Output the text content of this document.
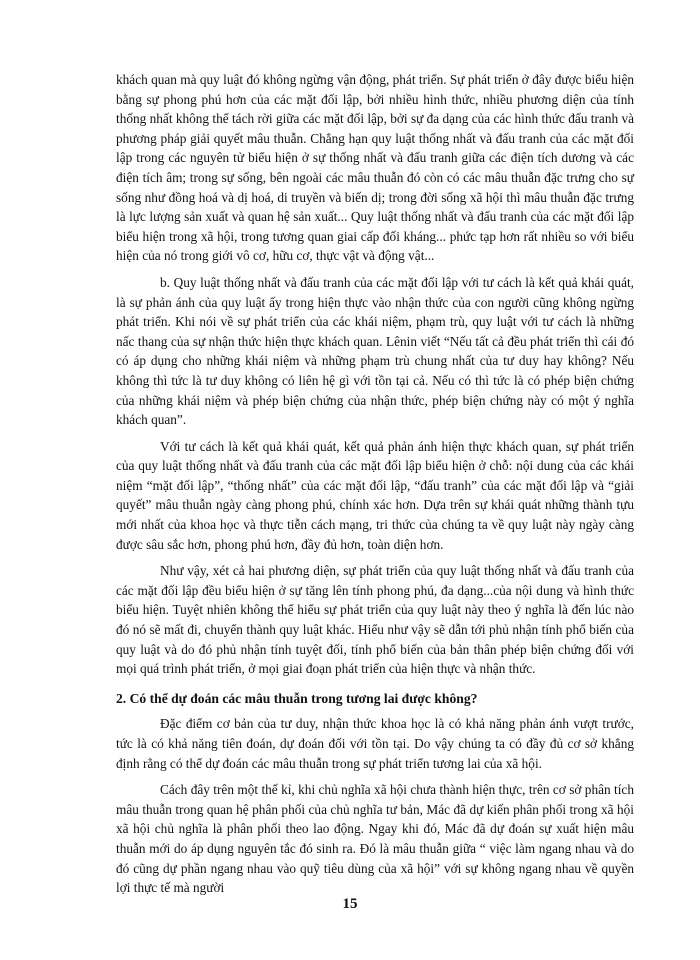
khách quan mà quy luật đó không ngừng vận động, phát triển. Sự phát triển ở đây được biểu hiện bằng sự phong phú hơn của các mặt đối lập, bởi nhiều hình thức, nhiều phương diện của tính thống nhất không thể tách rời giữa các mặt đối lập, bởi sự đa dạng của các hình thức đấu tranh và phương pháp giải quyết mâu thuẫn. Chẳng hạn quy luật thống nhất và đấu tranh của các mặt đối lập trong các nguyên tử biểu hiện ở sự thống nhất và đấu tranh giữa các điện tích dương và các điện tích âm; trong sự sống, bên ngoài các mâu thuẫn đó còn có các mâu thuẫn đặc trưng cho sự sống như đồng hoá và dị hoá, di truyền và biến dị; trong đời sống xã hội thì mâu thuẫn đặc trưng là lực lượng sản xuất và quan hệ sản xuất... Quy luật thống nhất và đấu tranh của các mặt đối lập biểu hiện trong xã hội, trong tương quan giai cấp đối kháng... phức tạp hơn rất nhiều so với biểu hiện của nó trong giới vô cơ, hữu cơ, thực vật và động vật...

b. Quy luật thống nhất và đấu tranh của các mặt đối lập với tư cách là kết quả khái quát, là sự phản ánh của quy luật ấy trong hiện thực vào nhận thức của con người cũng không ngừng phát triển. Khi nói về sự phát triển của các khái niệm, phạm trù, quy luật với tư cách là những nấc thang của sự nhận thức hiện thực khách quan. Lênin viết “Nếu tất cả đều phát triển thì cái đó có áp dụng cho những khái niệm và những phạm trù chung nhất của tư duy hay không? Nếu không thì tức là tư duy không có liên hệ gì với tồn tại cả. Nếu có thì tức là có phép biện chứng của những khái niệm và phép biện chứng của nhận thức, phép biện chứng này có một ý nghĩa khách quan”.

Với tư cách là kết quả khái quát, kết quả phản ánh hiện thực khách quan, sự phát triển của quy luật thống nhất và đấu tranh của các mặt đối lập biểu hiện ở chỗ: nội dung của các khái niệm “mặt đối lập”, “thống nhất” của các mặt đối lập, “đấu tranh” của các mặt đối lập và “giải quyết” mâu thuẫn ngày càng phong phú, chính xác hơn. Dựa trên sự khái quát những thành tựu mới nhất của khoa học và thực tiễn cách mạng, tri thức của chúng ta về quy luật này ngày càng được sâu sắc hơn, phong phú hơn, đầy đủ hơn, toàn diện hơn.

Như vậy, xét cả hai phương diện, sự phát triển của quy luật thống nhất và đấu tranh của các mặt đối lập đều biểu hiện ở sự tăng lên tính phong phú, đa dạng...của nội dung và hình thức biểu hiện. Tuyệt nhiên không thể hiểu sự phát triển của quy luật này theo ý nghĩa là đến lúc nào đó nó sẽ mất đi, chuyển thành quy luật khác. Hiểu như vậy sẽ dẫn tới phủ nhận tính phổ biến của quy luật và do đó phủ nhận tính tuyệt đối, tính phổ biến của bản thân phép biện chứng đối với mọi quá trình phát triển, ở mọi giai đoạn phát triển của hiện thực và nhận thức.

2. Có thể dự đoán các mâu thuẫn trong tương lai được không?

Đặc điểm cơ bản của tư duy, nhận thức khoa học là có khả năng phản ánh vượt trước, tức là có khả năng tiên đoán, dự đoán đối với tồn tại. Do vậy chúng ta có đầy đủ cơ sở khẳng định rằng có thể dự đoán các mâu thuẫn trong sự phát triển tương lai của xã hội.

Cách đây trên một thế kỉ, khi chủ nghĩa xã hội chưa thành hiện thực, trên cơ sở phân tích mâu thuẫn trong quan hệ phân phối của chủ nghĩa tư bản, Mác đã dự kiến phân phối trong xã hội xã hội chủ nghĩa là phân phối theo lao động. Ngay khi đó, Mác đã dự đoán sự xuất hiện mâu thuẫn mới do áp dụng nguyên tắc đó sinh ra. Đó là mâu thuẫn giữa “ việc làm ngang nhau và do đó cũng dự phần ngang nhau vào quỹ tiêu dùng của xã hội” với sự không ngang nhau về quyền lợi thực tế mà người

15
